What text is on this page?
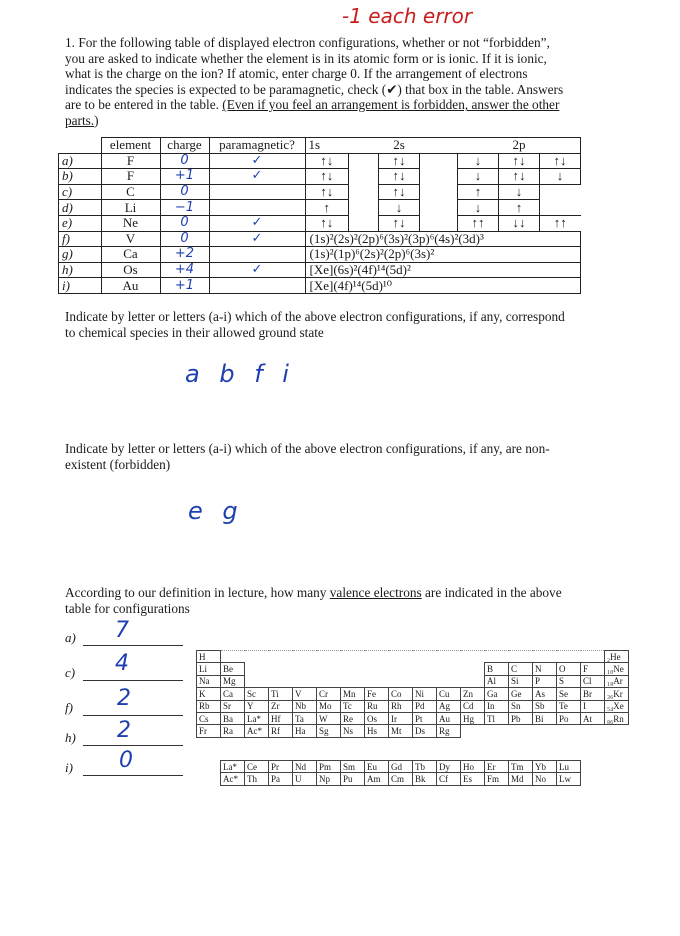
-1 each error
1. For the following table of displayed electron configurations, whether or not “forbidden”,
you are asked to indicate whether the element is in its atomic form or is ionic. If it is ionic,
what is the charge on the ion? If atomic, enter charge 0. If the arrangement of electrons
indicates the species is expected to be paramagnetic, check (✔) that box in the table. Answers
are to be entered in the table. (Even if you feel an arrangement is forbidden, answer the other
parts.)
	element	charge	paramagnetic?	1s		2s			2p	
a)	F	0	✓	↑↓		↑↓		↓	↑↓	↑↓
b)	F	+1	✓	↑↓		↑↓		↓	↑↓	↓
c)	C	0		↑↓		↑↓		↑	↓	
d)	Li	−1		↑		↓		↓	↑	
e)	Ne	0	✓	↑↓		↑↓		↑↑	↓↓	↑↑
f)	V	0	✓	(1s)²(2s)²(2p)⁶(3s)²(3p)⁶(4s)²(3d)³						
g)	Ca	+2		(1s)²(1p)⁶(2s)²(2p)⁶(3s)²						
h)	Os	+4	✓	[Xe](6s)²(4f)¹⁴(5d)²						
i)	Au	+1		[Xe](4f)¹⁴(5d)¹⁰						
Indicate by letter or letters (a-i) which of the above electron configurations, if any, correspond
to chemical species in their allowed ground state
a b f i
Indicate by letter or letters (a-i) which of the above electron configurations, if any, are non-
existent (forbidden)
e g
According to our definition in lecture, how many valence electrons are indicated in the above
table for configurations
a) 7
c) 4
f) 2
h) 2
i) 0
H																	₂He
Li	Be											B	C	N	O	F	₁₀Ne
Na	Mg											Al	Si	P	S	Cl	₁₈Ar
K	Ca	Sc	Ti	V	Cr	Mn	Fe	Co	Ni	Cu	Zn	Ga	Ge	As	Se	Br	₃₆Kr
Rb	Sr	Y	Zr	Nb	Mo	Tc	Ru	Rh	Pd	Ag	Cd	In	Sn	Sb	Te	I	₅₄Xe
Cs	Ba	La*	Hf	Ta	W	Re	Os	Ir	Pt	Au	Hg	Tl	Pb	Bi	Po	At	₈₆Rn
Fr	Ra	Ac*	Rf	Ha	Sg	Ns	Hs	Mt	Ds	Rg							
La*	Ce	Pr	Nd	Pm	Sm	Eu	Gd	Tb	Dy	Ho	Er	Tm	Yb	Lu
Ac*	Th	Pa	U	Np	Pu	Am	Cm	Bk	Cf	Es	Fm	Md	No	Lw
